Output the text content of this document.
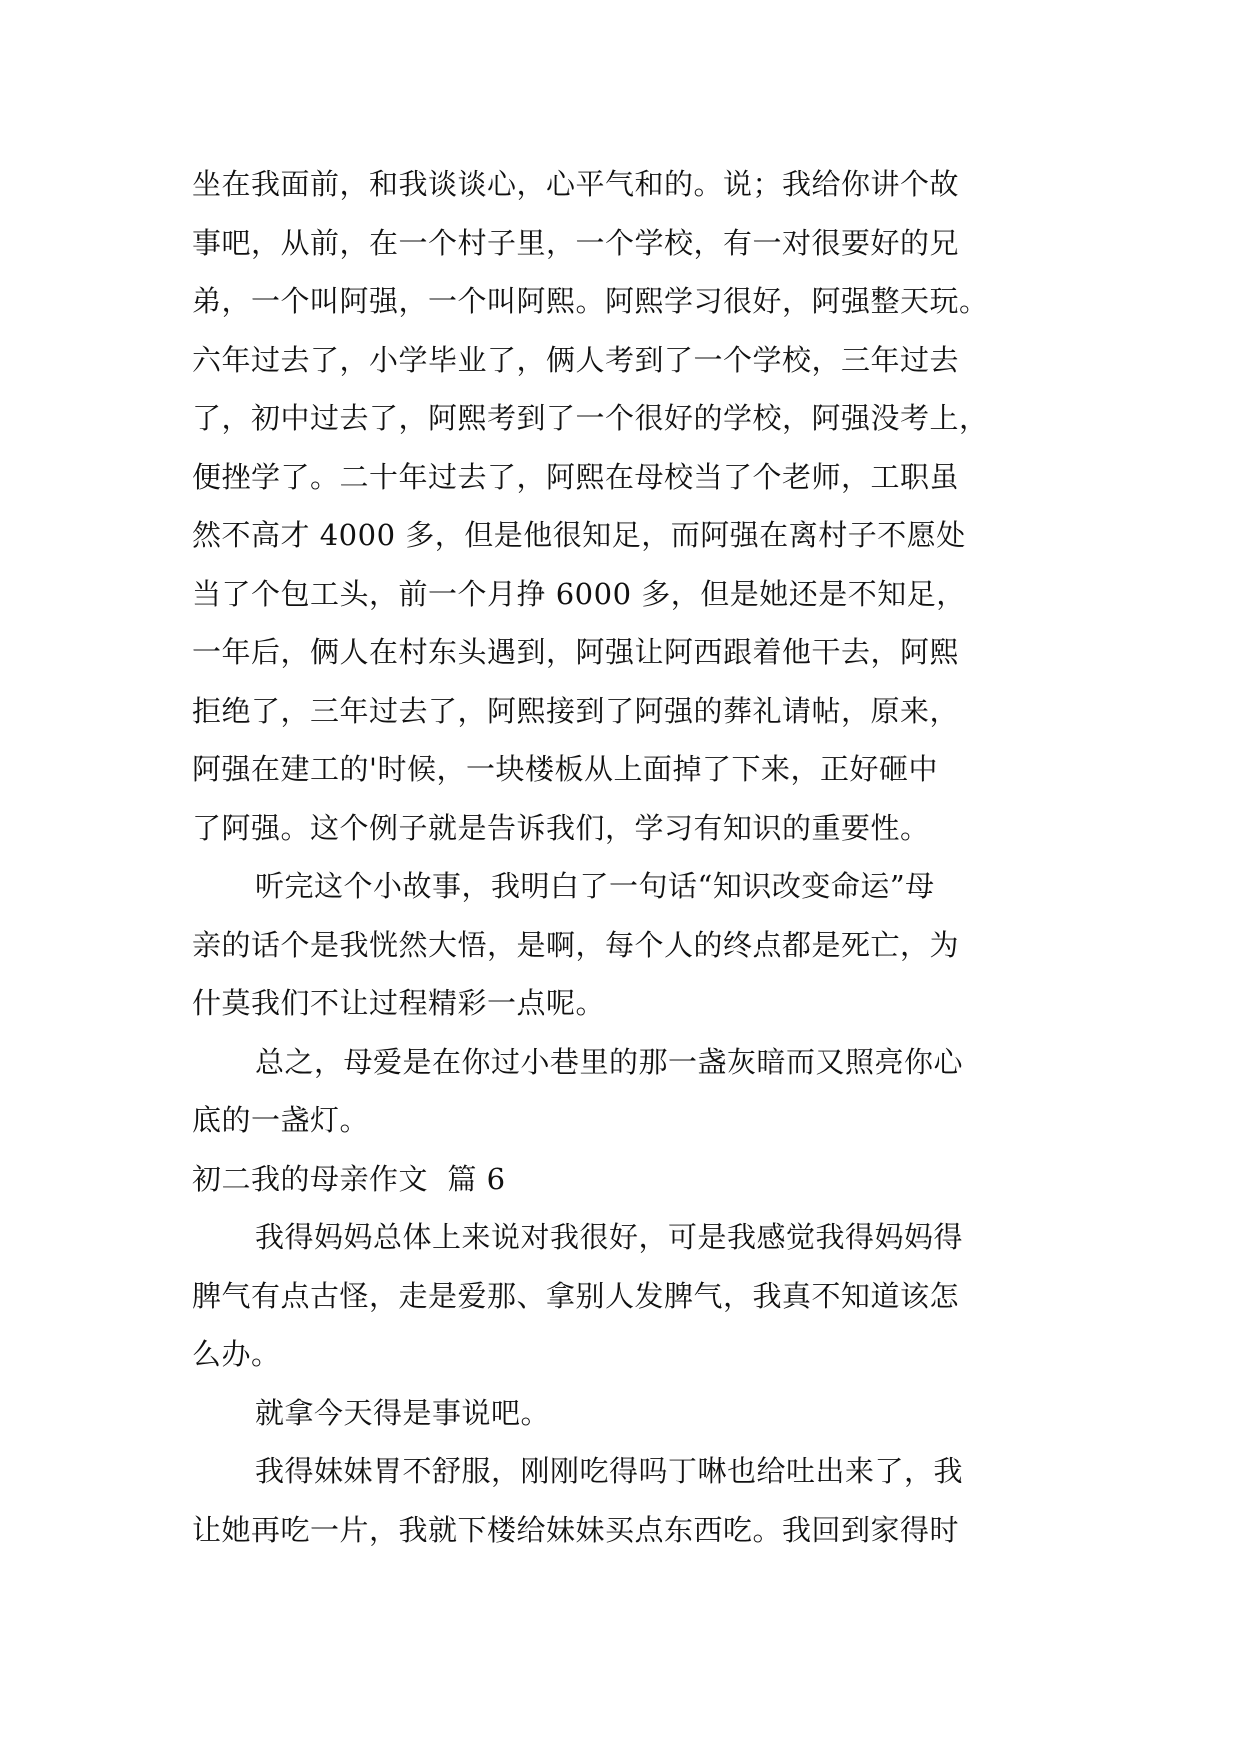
坐在我面前，和我谈谈心，心平气和的。说；我给你讲个故
事吧，从前，在一个村子里，一个学校，有一对很要好的兄
弟，一个叫阿强，一个叫阿熙。阿熙学习很好，阿强整天玩。
六年过去了，小学毕业了，俩人考到了一个学校，三年过去
了，初中过去了，阿熙考到了一个很好的学校，阿强没考上，
便挫学了。二十年过去了，阿熙在母校当了个老师，工职虽
然不高才 4000 多，但是他很知足，而阿强在离村子不愿处
当了个包工头，前一个月挣 6000 多，但是她还是不知足，
一年后，俩人在村东头遇到，阿强让阿西跟着他干去，阿熙
拒绝了，三年过去了，阿熙接到了阿强的葬礼请帖，原来，
阿强在建工的'时候，一块楼板从上面掉了下来，正好砸中
了阿强。这个例子就是告诉我们，学习有知识的重要性。
听完这个小故事，我明白了一句话“知识改变命运”母
亲的话个是我恍然大悟，是啊，每个人的终点都是死亡，为
什莫我们不让过程精彩一点呢。
总之，母爱是在你过小巷里的那一盏灰暗而又照亮你心
底的一盏灯。
初二我的母亲作文  篇 6
我得妈妈总体上来说对我很好，可是我感觉我得妈妈得
脾气有点古怪，走是爱那、拿别人发脾气，我真不知道该怎
么办。
就拿今天得是事说吧。
我得妹妹胃不舒服，刚刚吃得吗丁啉也给吐出来了，我
让她再吃一片，我就下楼给妹妹买点东西吃。我回到家得时
